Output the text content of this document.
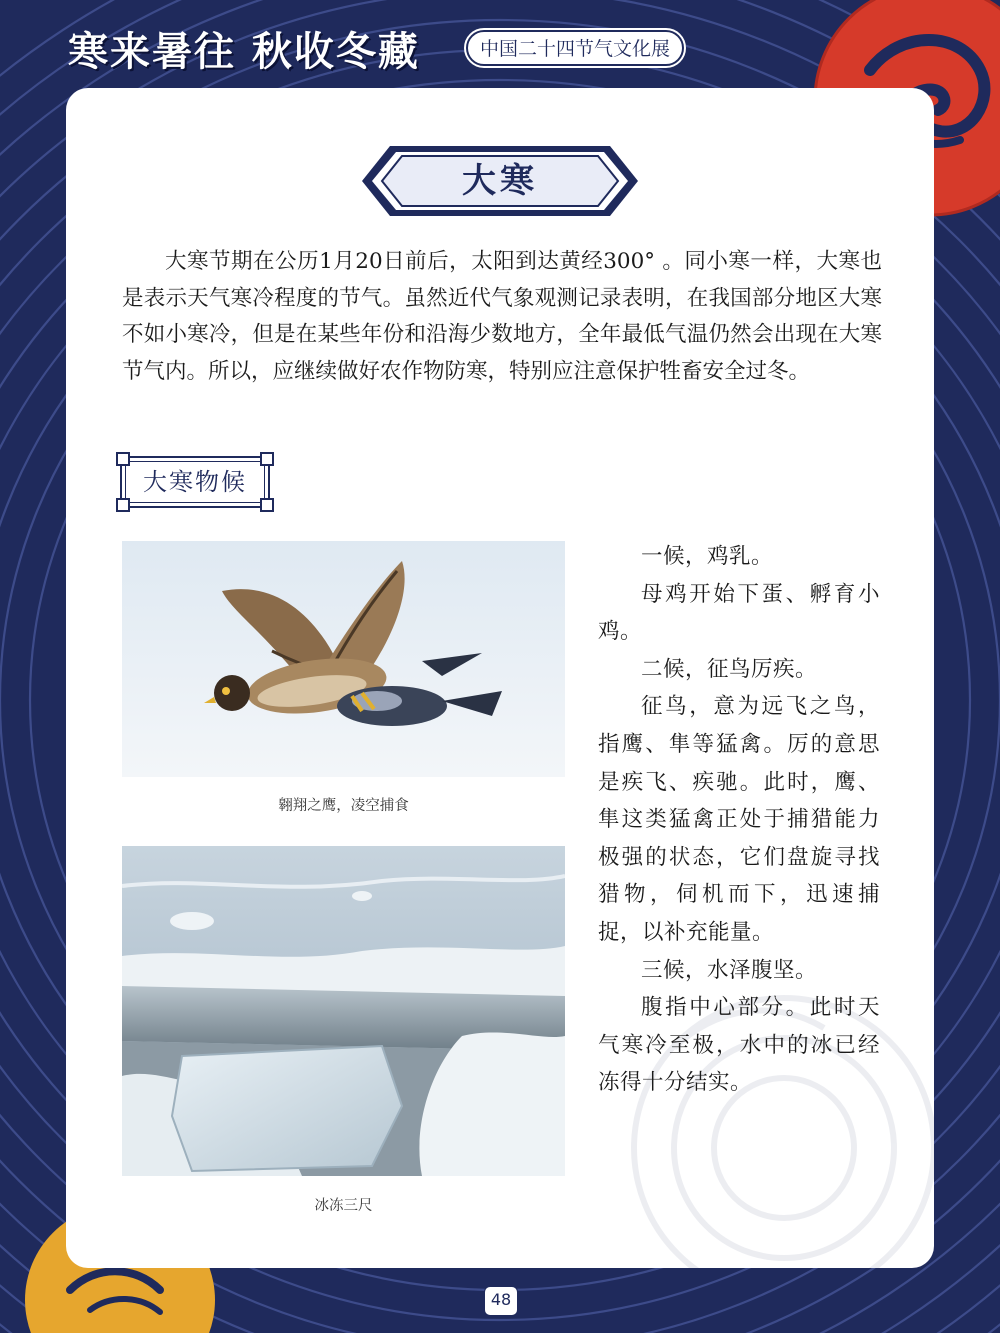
寒来暑往 秋收冬藏	中国二十四节气文化展
大寒

大寒节期在公历1月20日前后，太阳到达黄经300° 。同小寒一样，大寒也是表示天气寒冷程度的节气。虽然近代气象观测记录表明，在我国部分地区大寒不如小寒冷，但是在某些年份和沿海少数地方，全年最低气温仍然会出现在大寒节气内。所以，应继续做好农作物防寒，特别应注意保护牲畜安全过冬。

大寒物候
翱翔之鹰，凌空捕食
冰冻三尺

一候，鸡乳。

母鸡开始下蛋、孵育小鸡。

二候，征鸟厉疾。

征鸟，意为远飞之鸟，指鹰、隼等猛禽。厉的意思是疾飞、疾驰。此时，鹰、隼这类猛禽正处于捕猎能力极强的状态，它们盘旋寻找猎物，伺机而下，迅速捕捉，以补充能量。

三候，水泽腹坚。

腹指中心部分。此时天气寒冷至极，水中的冰已经冻得十分结实。

48
